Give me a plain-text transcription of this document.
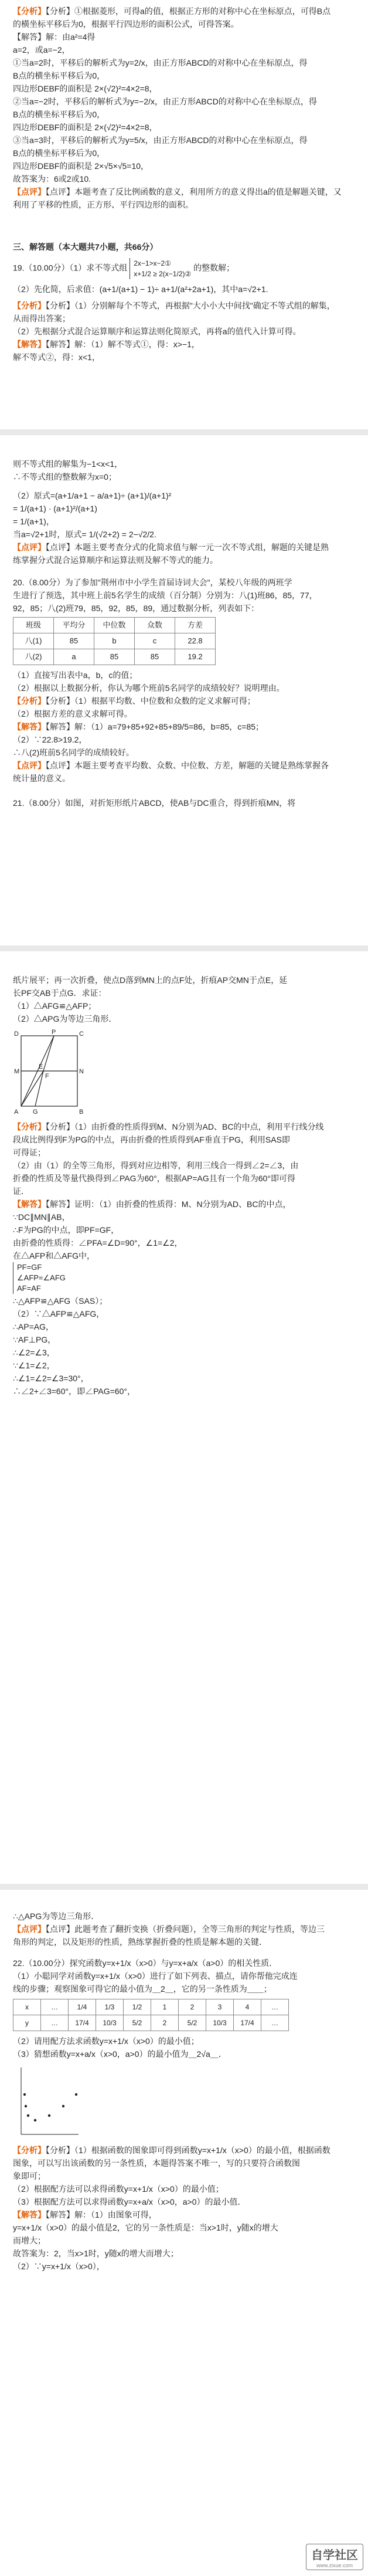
【分析】【分析】①根据菱形，可得a的值，根据正方形的对称中心在坐标原点，可得B点

的横坐标平移后为0，根据平行四边形的面积公式，可得答案。

【解答】解：由a²=4得

a=2，或a=−2，

①当a=2时，平移后的解析式为y=2/x，由正方形ABCD的对称中心在坐标原点，得

B点的横坐标平移后为0，

四边形DEBF的面积是 2×(√2)²=4×2=8，

②当a=−2时，平移后的解析式为y=−2/x，由正方形ABCD的对称中心在坐标原点，得

B点的横坐标平移后为0，

四边形DEBF的面积是 2×(√2)²=4×2=8，

③当a=3时，平移后的解析式为y=5/x，由正方形ABCD的对称中心在坐标原点，得

B点的横坐标平移后为0，

四边形DEBF的面积是 2×√5×√5=10，

故答案为：6或2或10.

【点评】【点评】本题考查了反比例函数的意义，利用所方的意义得出a的值是解题关键，又

利用了平移的性质，正方形、平行四边形的面积。

三、解答题（本大题共7小题，共66分）

19.（10.00分）（1）求不等式组 2x−1>x−2①
x+1/2 ≥ 2(x−1/2)② 的整数解；

（2）先化简，后求值：(a+1/(a+1) − 1)÷ a+1/(a²+2a+1)，其中a=√2+1.

【分析】【分析】（1）分别解每个不等式，再根据"大小小大中间找"确定不等式组的解集，

从而得出答案；

（2）先根据分式混合运算顺序和运算法则化简原式，再将a的值代入计算可得。

【解答】【解答】解：（1）解不等式①，得：x>−1，

解不等式②，得：x<1，

则不等式组的解集为−1<x<1，

∴不等式组的整数解为x=0；

（2）原式=(a+1/a+1 − a/a+1)÷ (a+1)/(a+1)²

= 1/(a+1) · (a+1)²/(a+1)

= 1/(a+1)，

当a=√2+1时，原式= 1/(√2+2) = 2−√2/2.

【点评】【点评】本题主要考查分式的化简求值与解一元一次不等式组，解题的关键是熟

练掌握分式混合运算顺序和运算法则及解不等式的能力。

20.（8.00分）为了参加"荆州市中小学生首届诗词大会"，某校八年级的两班学

生进行了预选，其中班上前5名学生的成绩（百分制）分别为：八(1)班86，85，77，

92，85；八(2)班79，85，92，85，89，通过数据分析，列表如下：

班级	平均分	中位数	众数	方差
八(1)	85	b	c	22.8
八(2)	a	85	85	19.2

（1）直接写出表中a，b，c的值；

（2）根据以上数据分析，你认为哪个班前5名同学的成绩较好？说明理由。

【分析】【分析】（1）根据平均数、中位数和众数的定义求解可得；

（2）根据方差的意义求解可得。

【解答】【解答】解：（1）a=79+85+92+85+89/5=86，b=85，c=85；

（2）∵22.8>19.2，

∴八(2)班前5名同学的成绩较好。

【点评】【点评】本题主要考查平均数、众数、中位数、方差，解题的关键是熟练掌握各

统计量的意义。

21.（8.00分）如图，对折矩形纸片ABCD，使AB与DC重合，得到折痕MN，将

纸片展平；再一次折叠，使点D落到MN上的点F处，折痕AP交MN于点E，延

长PF交AB于点G．求证：

（1）△AFG≌△AFP；

（2）△APG为等边三角形．

D	P	C
M
E
F
N
A G	B

【分析】【分析】（1）由折叠的性质得到M、N分别为AD、BC的中点，利用平行线分线

段成比例得到F为PG的中点，再由折叠的性质得到AF垂直于PG，利用SAS即

可得证；

（2）由（1）的全等三角形，得到对应边相等，利用三线合一得到∠2=∠3，由

折叠的性质及等量代换得到∠PAG为60°，根据AP=AG且有一个角为60°即可得

证．

【解答】【解答】证明：（1）由折叠的性质得：M、N分别为AD、BC的中点，

∵DC∥MN∥AB，

∴F为PG的中点，即PF=GF，

由折叠的性质得：∠PFA=∠D=90°，∠1=∠2，

在△AFP和△AFG中，

PF=GF
∠AFP=∠AFG
AF=AF

∴△AFP≌△AFG（SAS）；

（2）∵△AFP≌△AFG，

∴AP=AG，

∵AF⊥PG，

∴∠2=∠3，

∵∠1=∠2，

∴∠1=∠2=∠3=30°，

∴∠2+∠3=60°，即∠PAG=60°，

∴△APG为等边三角形．

【点评】【点评】此题考查了翻折变换（折叠问题），全等三角形的判定与性质，等边三

角形的判定，以及矩形的性质，熟练掌握折叠的性质是解本题的关键．

22.（10.00分）探究函数y=x+1/x（x>0）与y=x+a/x（a>0）的相关性质．

（1）小聪同学对函数y=x+1/x（x>0）进行了如下列表、描点，请你帮他完成连

线的步骤；观察图象可得它的最小值为＿2＿，它的另一条性质为＿＿；

x	…	1/4	1/3	1/2	1	2	3	4	…
y	…	17/4	10/3	5/2	2	5/2	10/3	17/4	…

（2）请用配方法求函数y=x+1/x（x>0）的最小值；

（3）猜想函数y=x+a/x（x>0，a>0）的最小值为＿2√a＿．

【分析】【分析】（1）根据函数的图象即可得到函数y=x+1/x（x>0）的最小值，根据函数

图象，可以写出该函数的另一条性质，本题得答案不唯一，写的只要符合函数图

象即可；

（2）根据配方法可以求得函数y=x+1/x（x>0）的最小值；

（3）根据配方法可以求得函数y=x+a/x（x>0，a>0）的最小值．

【解答】【解答】解：（1）由图象可得，

y=x+1/x（x>0）的最小值是2，它的另一条性质是：当x>1时，y随x的增大

而增大；

故答案为：2，当x>1时，y随x的增大而增大；

（2）∵y=x+1/x（x>0），

自学社区
www.zixue.com
